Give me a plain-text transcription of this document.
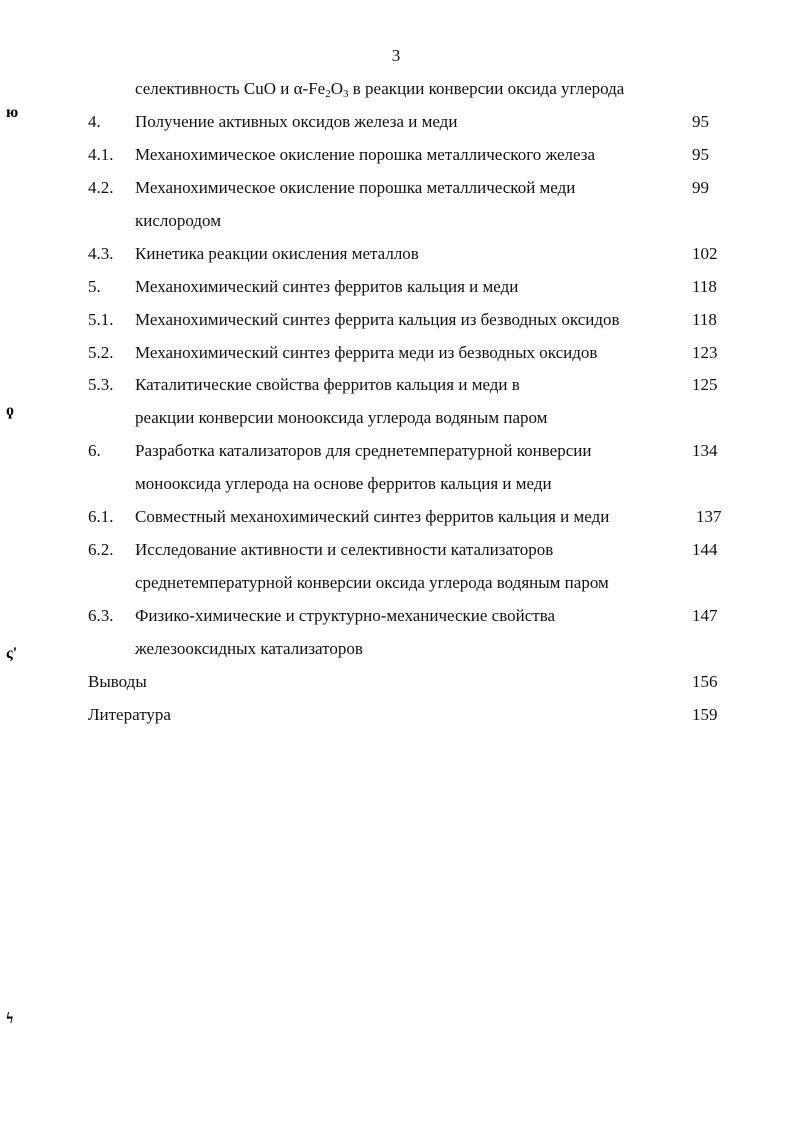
3
селективность CuO и $\alpha-Fe_2O_3$ в реакции конверсии оксида углерода
4. Получение активных оксидов железа и меди	95
4.1. Механохимическое окисление порошка металлического железа	95
4.2. Механохимическое окисление порошка металлической меди	99
кислородом
4.3. Кинетика реакции окисления металлов	102
5. Механохимический синтез ферритов кальция и меди	118
5.1. Механохимический синтез феррита кальция из безводных оксидов	118
5.2. Механохимический синтез феррита меди из безводных оксидов	123
5.3. Каталитические свойства ферритов кальция и меди в	125
реакции конверсии монооксида углерода водяным паром
6. Разработка катализаторов для среднетемпературной конверсии	134
монооксида углерода на основе ферритов кальция и меди
6.1. Совместный механохимический синтез ферритов кальция и меди	137
6.2. Исследование активности и селективности катализаторов	144
среднетемпературной конверсии оксида углерода водяным паром
6.3. Физико-химические и структурно-механические свойства	147
железооксидных катализаторов
Выводы	156
Литература	159
ю
ϙ
ς'
ϟ
